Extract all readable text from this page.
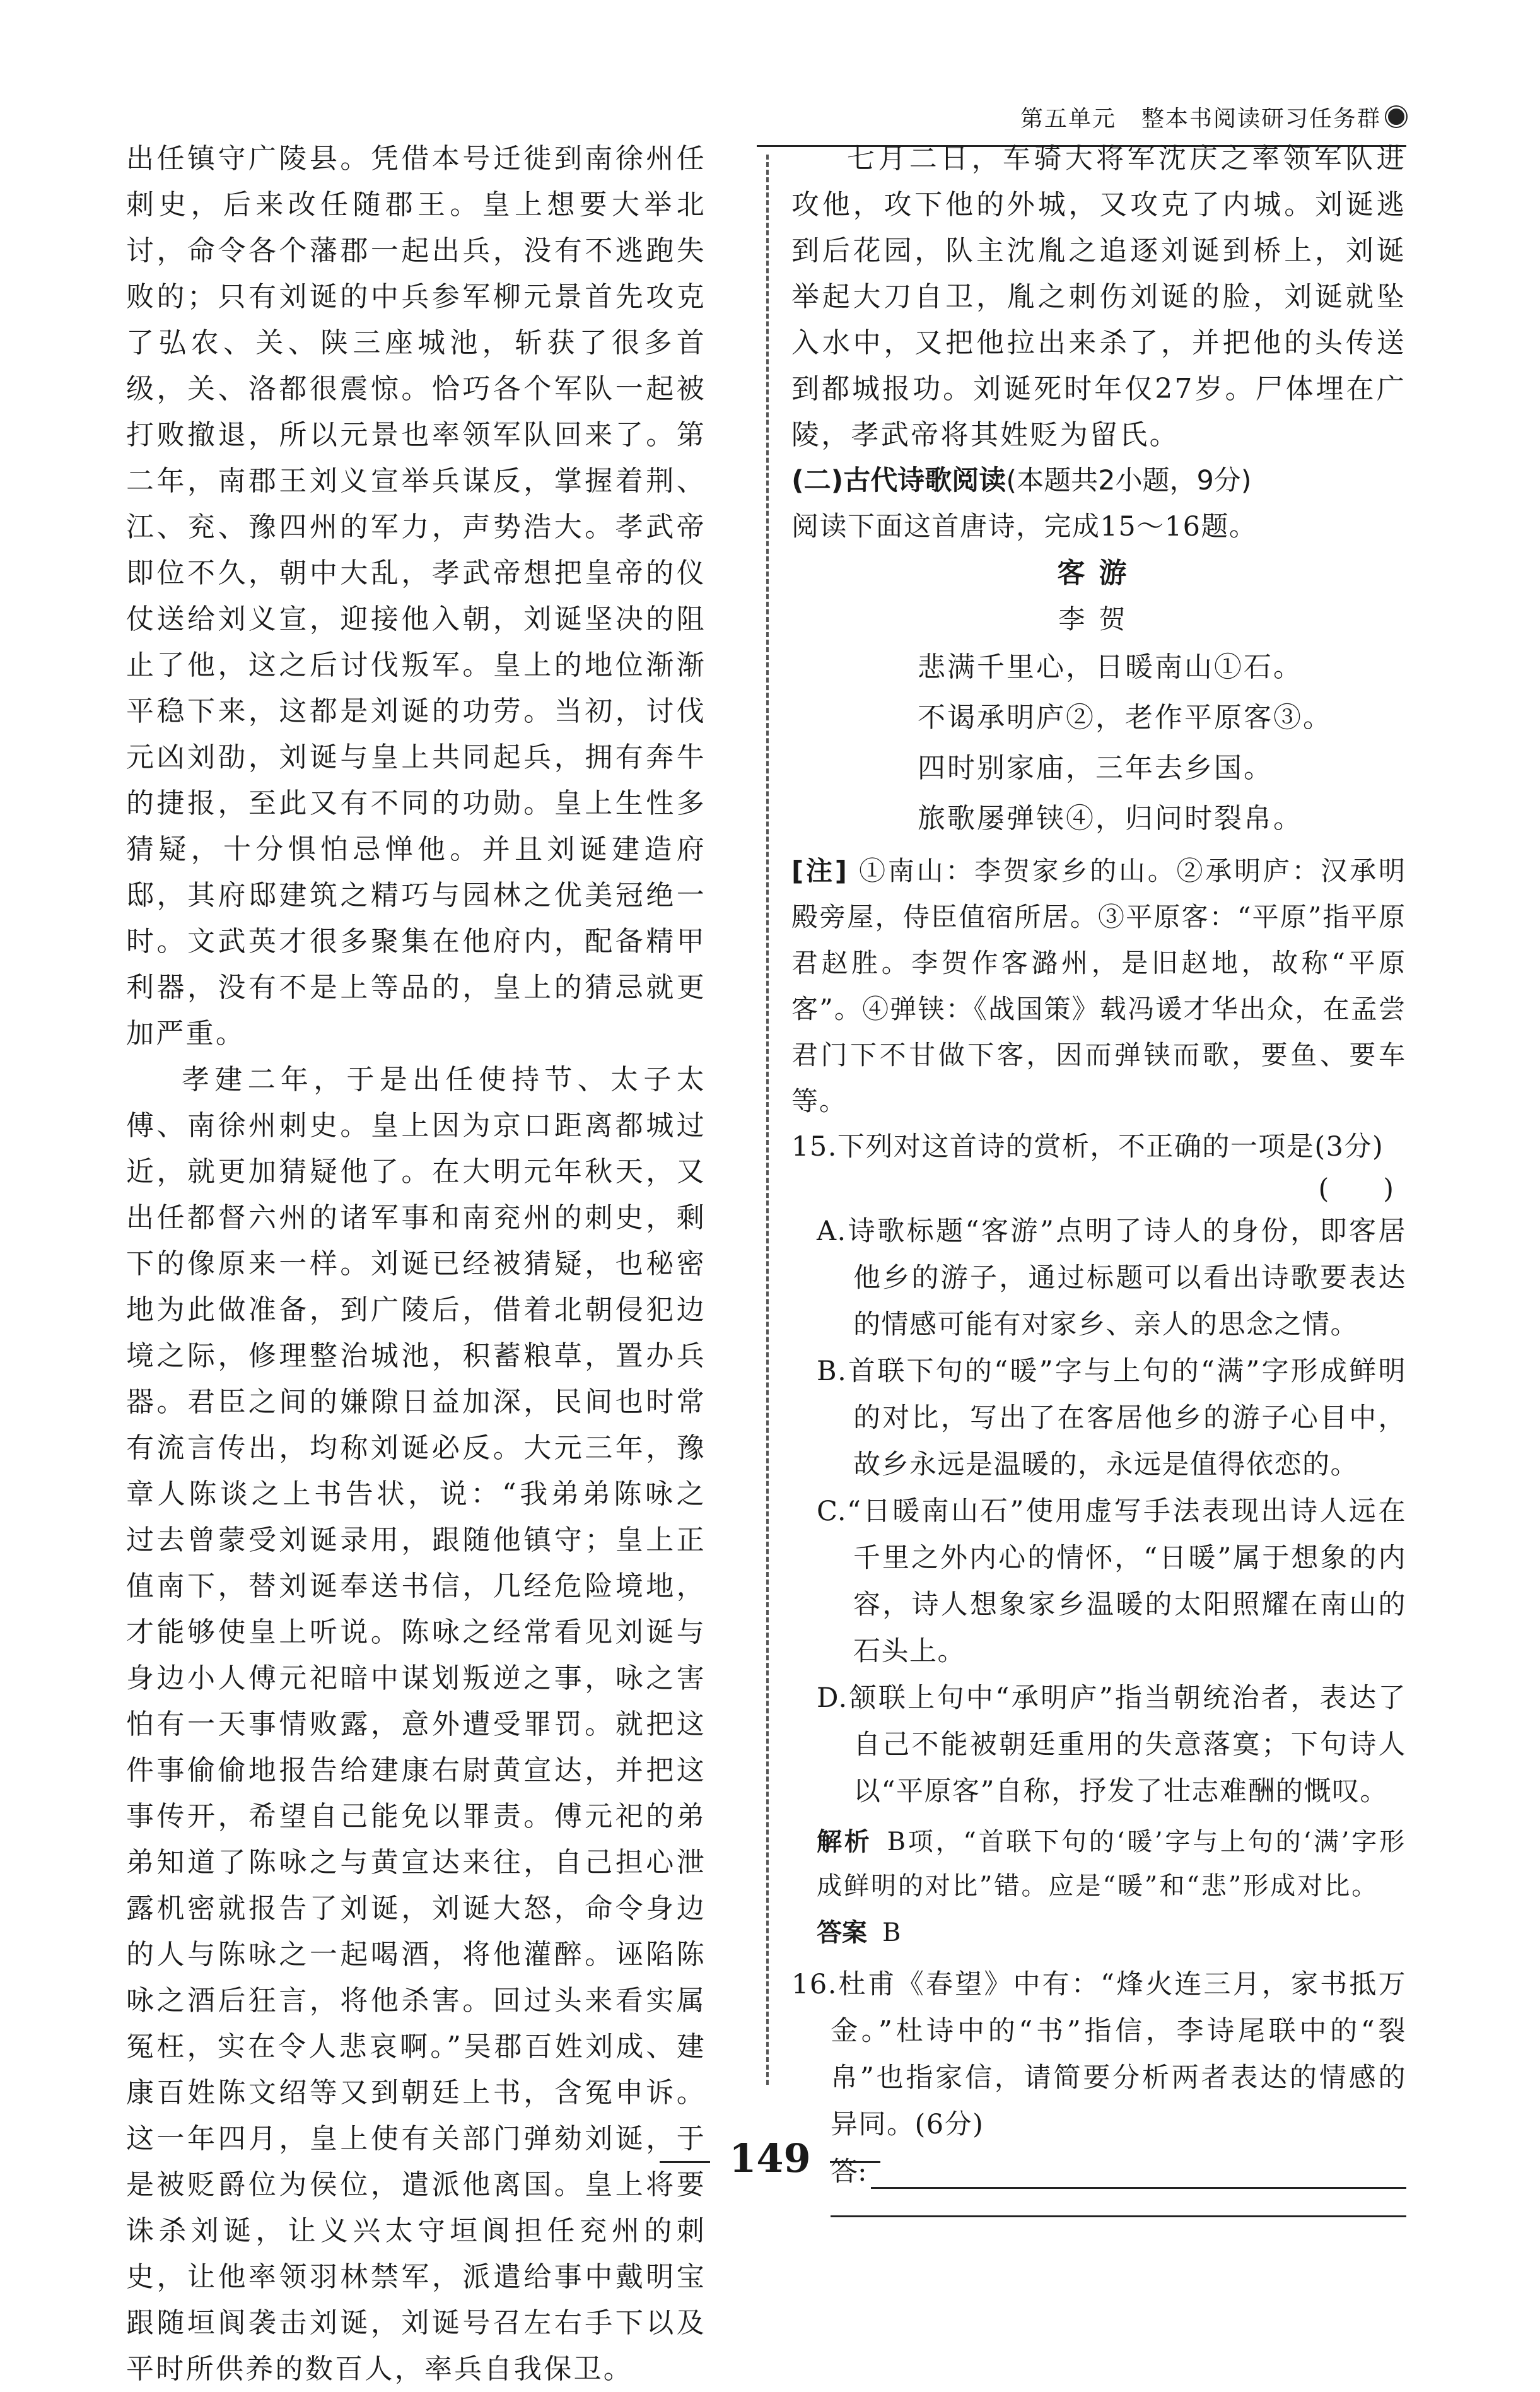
第五单元 整本书阅读研习任务群

出任镇守广陵县。凭借本号迁徙到南徐州任刺史，后来改任随郡王。皇上想要大举北讨，命令各个藩郡一起出兵，没有不逃跑失败的；只有刘诞的中兵参军柳元景首先攻克了弘农、关、陕三座城池，斩获了很多首级，关、洛都很震惊。恰巧各个军队一起被打败撤退，所以元景也率领军队回来了。第二年，南郡王刘义宣举兵谋反，掌握着荆、江、兖、豫四州的军力，声势浩大。孝武帝即位不久，朝中大乱，孝武帝想把皇帝的仪仗送给刘义宣，迎接他入朝，刘诞坚决的阻止了他，这之后讨伐叛军。皇上的地位渐渐平稳下来，这都是刘诞的功劳。当初，讨伐元凶刘劭，刘诞与皇上共同起兵，拥有奔牛的捷报，至此又有不同的功勋。皇上生性多猜疑，十分惧怕忌惮他。并且刘诞建造府邸，其府邸建筑之精巧与园林之优美冠绝一时。文武英才很多聚集在他府内，配备精甲利器，没有不是上等品的，皇上的猜忌就更加严重。

孝建二年，于是出任使持节、太子太傅、南徐州刺史。皇上因为京口距离都城过近，就更加猜疑他了。在大明元年秋天，又出任都督六州的诸军事和南兖州的刺史，剩下的像原来一样。刘诞已经被猜疑，也秘密地为此做准备，到广陵后，借着北朝侵犯边境之际，修理整治城池，积蓄粮草，置办兵器。君臣之间的嫌隙日益加深，民间也时常有流言传出，均称刘诞必反。大元三年，豫章人陈谈之上书告状，说：“我弟弟陈咏之过去曾蒙受刘诞录用，跟随他镇守；皇上正值南下，替刘诞奉送书信，几经危险境地，才能够使皇上听说。陈咏之经常看见刘诞与身边小人傅元祀暗中谋划叛逆之事，咏之害怕有一天事情败露，意外遭受罪罚。就把这件事偷偷地报告给建康右尉黄宣达，并把这事传开，希望自己能免以罪责。傅元祀的弟弟知道了陈咏之与黄宣达来往，自己担心泄露机密就报告了刘诞，刘诞大怒，命令身边的人与陈咏之一起喝酒，将他灌醉。诬陷陈咏之酒后狂言，将他杀害。回过头来看实属冤枉，实在令人悲哀啊。”吴郡百姓刘成、建康百姓陈文绍等又到朝廷上书，含冤申诉。这一年四月，皇上使有关部门弹劾刘诞，于是被贬爵位为侯位，遣派他离国。皇上将要诛杀刘诞，让义兴太守垣阆担任兖州的刺史，让他率领羽林禁军，派遣给事中戴明宝跟随垣阆袭击刘诞，刘诞号召左右手下以及平时所供养的数百人，率兵自我保卫。

七月二日，车骑大将军沈庆之率领军队进攻他，攻下他的外城，又攻克了内城。刘诞逃到后花园，队主沈胤之追逐刘诞到桥上，刘诞举起大刀自卫，胤之刺伤刘诞的脸，刘诞就坠入水中，又把他拉出来杀了，并把他的头传送到都城报功。刘诞死时年仅27岁。尸体埋在广陵，孝武帝将其姓贬为留氏。

(二)古代诗歌阅读(本题共2小题，9分)

阅读下面这首唐诗，完成15～16题。

客游

李贺

悲满千里心，日暖南山①石。

不谒承明庐②，老作平原客③。

四时别家庙，三年去乡国。

旅歌屡弹铗④，归问时裂帛。

[注] ①南山：李贺家乡的山。②承明庐：汉承明殿旁屋，侍臣值宿所居。③平原客：“平原”指平原君赵胜。李贺作客潞州，是旧赵地，故称“平原客”。④弹铗：《战国策》载冯谖才华出众，在孟尝君门下不甘做下客，因而弹铗而歌，要鱼、要车等。

15.下列对这首诗的赏析，不正确的一项是(3分)

(　　)

A.诗歌标题“客游”点明了诗人的身份，即客居他乡的游子，通过标题可以看出诗歌要表达的情感可能有对家乡、亲人的思念之情。

B.首联下句的“暖”字与上句的“满”字形成鲜明的对比，写出了在客居他乡的游子心目中，故乡永远是温暖的，永远是值得依恋的。

C.“日暖南山石”使用虚写手法表现出诗人远在千里之外内心的情怀，“日暖”属于想象的内容，诗人想象家乡温暖的太阳照耀在南山的石头上。

D.颔联上句中“承明庐”指当朝统治者，表达了自己不能被朝廷重用的失意落寞；下句诗人以“平原客”自称，抒发了壮志难酬的慨叹。

解析 B项，“首联下句的‘暖’字与上句的‘满’字形成鲜明的对比”错。应是“暖”和“悲”形成对比。

答案 B

16.杜甫《春望》中有：“烽火连三月，家书抵万金。”杜诗中的“书”指信，李诗尾联中的“裂帛”也指家信，请简要分析两者表达的情感的异同。(6分)

答:
149
